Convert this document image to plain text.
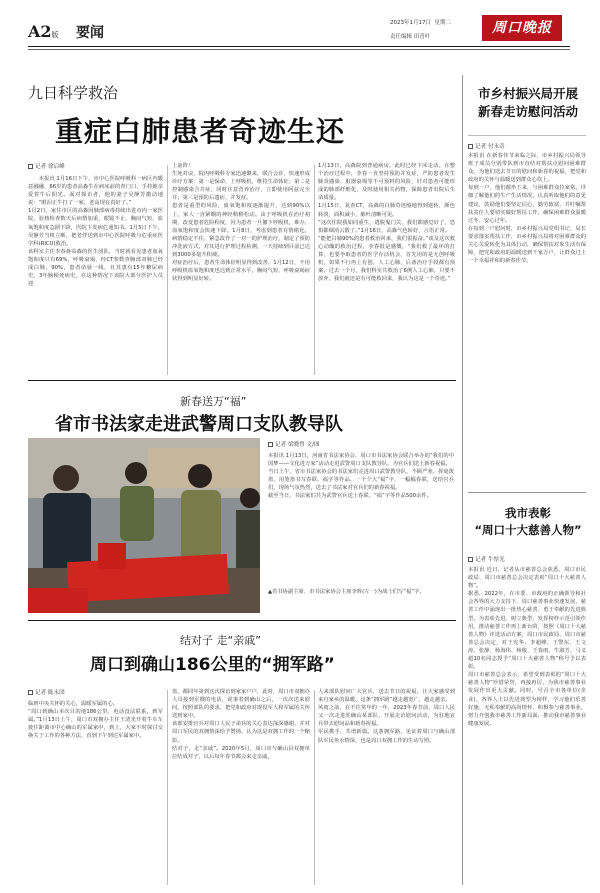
A2版 要闻
2023年1月17日 星期二
责任编辑 田青叶
周口晚报
九日科学救治
重症白肺患者奇迹生还
记者 徐启峰
本报讯 1月16日下午，市中心医院呼吸科一病区内暖意融融，66岁的患者高森生在病床前的查门口，手持她亲爱着牛后阳光。面对探访者，他的妻子吴静芳激动地说：“眼泪正牛打了一家，老高现在真好了。”
1月2日，家住市区的高森因肺部病毒持续出进市内一家医院，验核检查数天后病情加重，眼镜不止、胸闷气短，血氧饱和度急剧下降，医院下发病危通知书。1月5日下午，吴静芳当机立断，把老伴送到市中心医院呼吸与危重症医学科(RICU)救治。
该科室主任李春蒋高森的医生团队，当时就看见患者血氧饱和度只有69%，呼吸衰竭，经CT参数查胸部双肺已经成白肺，90%，患者命悬一线，且其患有15年糖尿病史，3年脑梗死病史，在这种情况下该院大部分医护人员迎
上前阵！
生死对诀，院内呼吸科专家迅速聚来，联合会诊，快速形成诊疗方案：第一是保命，上呼吸机，维持生命体征；第二是控制感染合并症，同时注意营养治疗，立即使用阿兹完全并；第三是预防后遗症、并发症。
患者是重型的风险，血氧饱和度逐渐提升，达到90%以上，家人一直紧绷的神经稍稍松动。由于呼吸机在治疗初期，改变患者危险程度，因为患者一旦撤下呼吸机，难办，血氧饱和度会快速下降。1月8日，考虑到患者有情绪化，病情稳定不住，紧急改作了一对一的护理治疗，制定了预防冲洗液方式，对其进行护理过程检测，一天持续到目前已达到3000多毫升积痰。
对症治疗后，患者生命体征明显得到改善。1月12日，不用呼吸机血氧饱和度也达到正常水平，胸闷气短、呼吸衰竭症状得到明显好转。
1月13日，高森院到普通病房。此时已经下床走动。在整个治疗过程中，李春一直坚持预防并发症，严防患者发生肺炎感染、脏器衰竭等不可预料的风险，针对患者可能形成的肺部纤维化，及时使用相关药物，保障患者出院后生命质量。
1月15日，复查CT，高森的白肺奇迹般地得到逆转，颜色转淡，面积减小，肺叶清晰可见。
“这次住院我如同重生，逃脱鬼门关，我们都感觉好了，恐惧都烟消云散了。”1月16日，高森气色转好，言语正常。
“能把白肺90%的患者救治回来，我们很振奋。”谈及这次救心动魄的救治过程，李春很是感慨，“我们救了最坏的打算，也要争取患者的医学存活机会，首先用的是无创呼吸机，如果不行再上有创，人工心肺，后备治疗手段都有预案。过去一个月，我们科室共救治了6例人工心肺，只要不放弃，我们就还是有可能救回来，我认为这是一个奇迹。”
市乡村振兴局开展
新春走访慰问活动
记者 付永奇
本报讯 在新春佳节来临之际，市乡村振兴局领导班子成员分别带队到市直结对帮扶点慰问困难群众，为他们送去节日的慰问和新春的祝福，把党和政府的关怀与温暖送到群众心坎上。
每到一户，他们都坐下来，与困难群众拉家常，详细了解他们的生产生活情况，认真听取他们的意见建议，鼓励他们要坚定信心，勤劳致富，并叮嘱帮扶责任人要切实做好帮扶工作，确保困难群众温暖过冬、安心过年。
在每到一户慰问时，市乡村振兴局党组书记、局长要求落实帮扶工作，市乡村振兴局将对困难群众的关心关爱转化为具体行动，确保帮扶对象生活有保障，把党和政府的温暖送到千家万户，让群众过上一个幸福祥和的新春佳节。
新春送万“福”
省市书法家走进武警周口支队教导队
记者 梁晓曾 文/图
本报讯 1月13日，河南省书法家协会、周口市书法家协会联合举办的“我们的中国梦——文化进万家”活动走进武警周口支队教导队，为官兵们送上新春祝福。
当日上午，省市书法家协会的书法家们走进周口武警教导队，不顾严寒，挥毫泼墨，用笔墨书写春联、福字等作品，一个个大“福”字、一幅幅春联，送给官兵们，现场气氛热烈，送去了书法家对官兵们的新春祝福。
截至当日，书法家们共为武警官兵送上春联、“福”字等作品500余件。
▲省书协副主席、市书法家协会主席李辉(左一)为战士们写“福”字。
我市表彰
“周口十大慈善人物”
记者 牛厚光
本报讯 近日，记者从市慈善总会获悉，周口市民政局、周口市慈善总会决定表彰“周口十大慈善人物”。
据悉，2022年，在市委、市政府的正确领导和社会各界的大力支持下，周口慈善事业快速发展，慈善工作中涌现出一批热心慈善、勇于奉献的先进典型。为表彰先进、树立典型，发挥榜样示范引领作用，推动慈善工作再上新台阶，按照《周口十大慈善人物》评选活动方案，周口市民政局、周口市慈善总会决定，对王宪华、李超峰、王警东、王文涛、张静、杨海伟、杨俊、王春雨、牛淑芳、马义超10名同志授予“周口十大慈善人物”称号予以表彰。
周口市慈善总会表示，希望受到表彰的“周口十大慈善人物”珍惜荣誉，再接再厉，为我市慈善事业发展作出更大贡献。同时，号召全市各单位(企业)、各界人士以先进典型为榜样，学习他们乐善好施、无私奉献的高尚情怀，积极参与慈善事业，努力开创我市慈善工作新局面，推动我市慈善事业健康发展。
结对子 走“亲戚”
周口到确山186公里的“拥军路”
记者 陈永团
临到中央关怀的关心，温暖军属的心。
“周口到确山本次目的地186公里，电话没法联系，到军属。”1月13日上午，周口市双拥办主任王清光开着牛车车驶往距离市中心确山的军属家中，到上，大家不时探讨交换关于工作的各种方法，直到下午到达军属家中。
盘，都同年第到这次探访到家家户户，此时，周口市双拥办人员接到军嫂的电话，说事着到确山之后，一次次送来慰问，按照部队的要求，把党和政府对现役军人和军属的关怀送到家中。
该部安排官兵对周口人民子弟兵的关心表达深深感谢，并对周口军民的双拥情深给予赞扬，认为这是双拥工作的一个缩影。
结对子，走“亲戚”。2020年5月，周口市与确山县双拥单位结成对子，以后每年春节都会来走亲戚。
人来部队慰问广大官兵，送去节日的祝福，让大家感受到来自家乡的温暖，这条“拥军路”越走越宽广，越走越亲。
风雨之前，在不往常年的一年，2023年春节前，周口人民又一次走进驻确山某部队，开展走访慰问活动，为驻地官兵带去慰问品和新春祝福。
军民携手，共谱新篇。这条拥军路，见证着周口与确山部队军民鱼水情深，也是周口双拥工作的生动写照。
